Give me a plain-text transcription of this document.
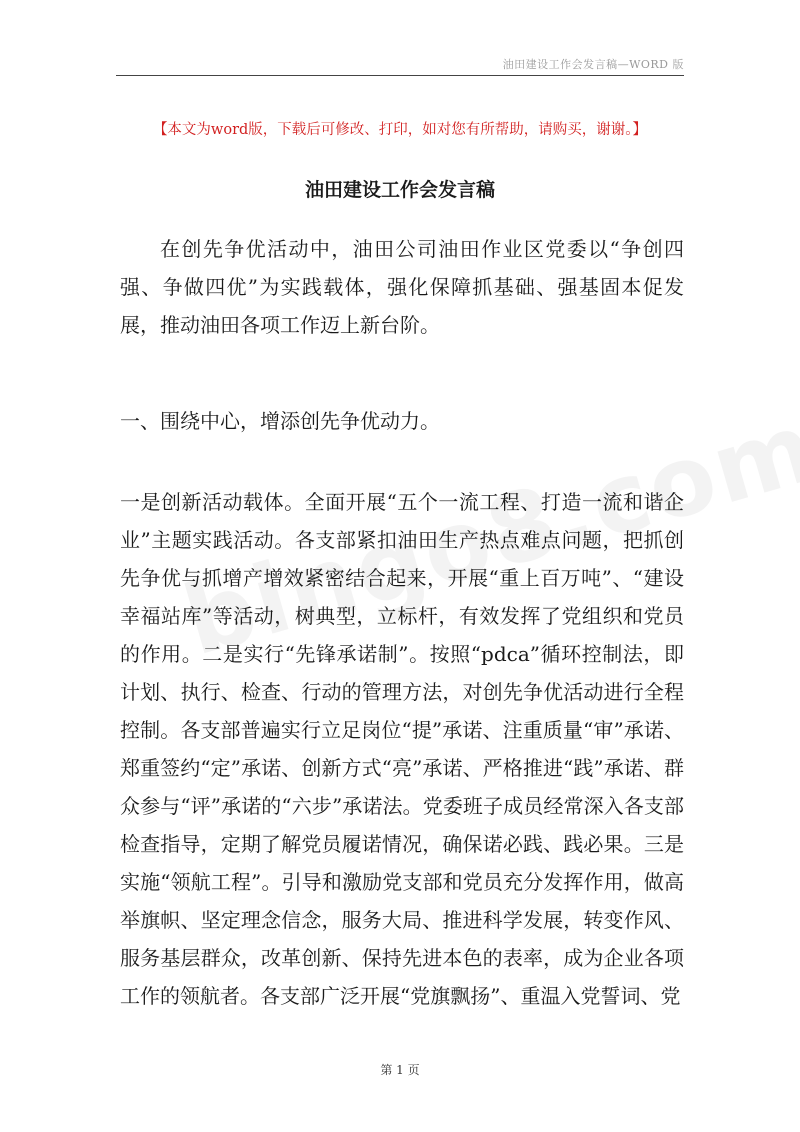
油田建设工作会发言稿—WORD 版
【本文为word版，下载后可修改、打印，如对您有所帮助，请购买，谢谢。】
油田建设工作会发言稿

在创先争优活动中，油田公司油田作业区党委以“争创四强、争做四优”为实践载体，强化保障抓基础、强基固本促发展，推动油田各项工作迈上新台阶。

一、围绕中心，增添创先争优动力。

一是创新活动载体。全面开展“五个一流工程、打造一流和谐企业”主题实践活动。各支部紧扣油田生产热点难点问题，把抓创先争优与抓增产增效紧密结合起来，开展“重上百万吨”、“建设幸福站库”等活动，树典型，立标杆，有效发挥了党组织和党员的作用。二是实行“先锋承诺制”。按照“pdca”循环控制法，即计划、执行、检查、行动的管理方法，对创先争优活动进行全程控制。各支部普遍实行立足岗位“提”承诺、注重质量“审”承诺、郑重签约“定”承诺、创新方式“亮”承诺、严格推进“践”承诺、群众参与“评”承诺的“六步”承诺法。党委班子成员经常深入各支部检查指导，定期了解党员履诺情况，确保诺必践、践必果。三是实施“领航工程”。引导和激励党支部和党员充分发挥作用，做高举旗帜、坚定理念信念，服务大局、推进科学发展，转变作风、服务基层群众，改革创新、保持先进本色的表率，成为企业各项工作的领航者。各支部广泛开展“党旗飘扬”、重温入党誓词、党

第 1 页
